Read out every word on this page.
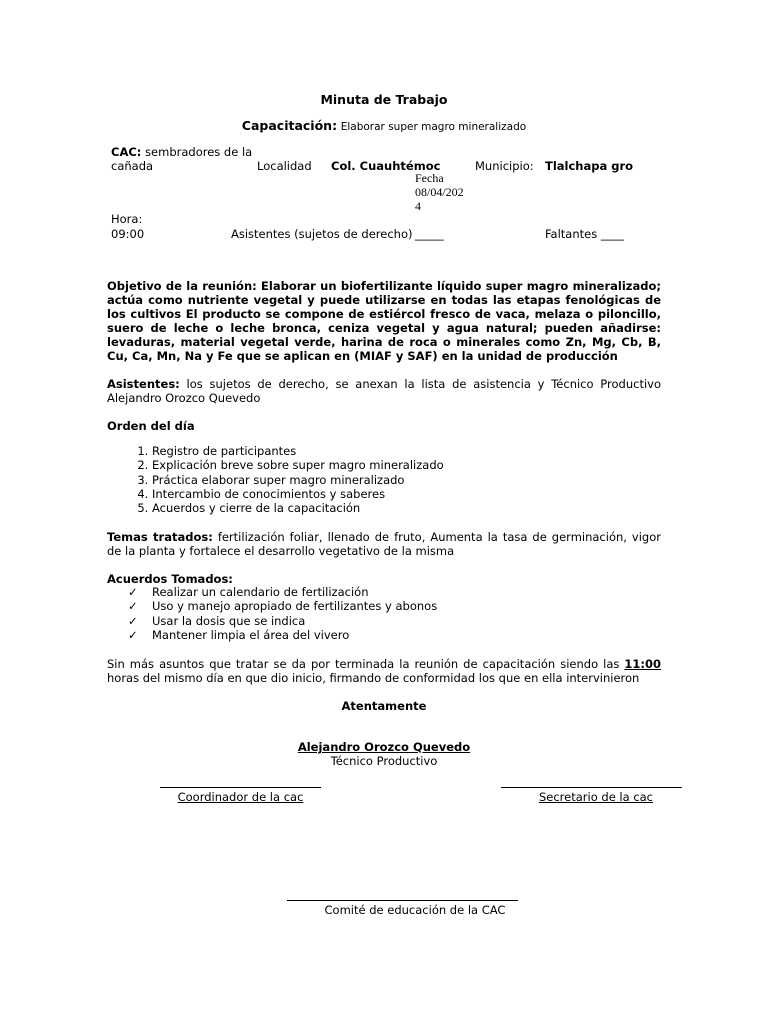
Minuta de Trabajo
Capacitación: Elaborar super magro mineralizado
CAC: sembradores de la
cañada	Localidad Col. Cuauhtémoc	Municipio: Tlalchapa gro
Fecha
08/04/202
4
Hora:
09:00	Asistentes (sujetos de derecho) _____	Faltantes ____
Objetivo de la reunión: Elaborar un biofertilizante líquido super magro mineralizado; actúa como nutriente vegetal y puede utilizarse en todas las etapas fenológicas de los cultivos El producto se compone de estiércol fresco de vaca, melaza o piloncillo, suero de leche o leche bronca, ceniza vegetal y agua natural; pueden añadirse: levaduras, material vegetal verde, harina de roca o minerales como Zn, Mg, Cb, B, Cu, Ca, Mn, Na y Fe que se aplican en (MIAF y SAF) en la unidad de producción
Asistentes: los sujetos de derecho, se anexan la lista de asistencia y Técnico Productivo Alejandro Orozco Quevedo
Orden del día
1. Registro de participantes
2. Explicación breve sobre super magro mineralizado
3. Práctica elaborar super magro mineralizado
4. Intercambio de conocimientos y saberes
5. Acuerdos y cierre de la capacitación
Temas tratados: fertilización foliar, llenado de fruto, Aumenta la tasa de germinación, vigor de la planta y fortalece el desarrollo vegetativo de la misma
Acuerdos Tomados:
✓	Realizar un calendario de fertilización
✓	Uso y manejo apropiado de fertilizantes y abonos
✓	Usar la dosis que se indica
✓	Mantener limpia el área del vivero
Sin más asuntos que tratar se da por terminada la reunión de capacitación siendo las 11:00 horas del mismo día en que dio inicio, firmando de conformidad los que en ella intervinieron
Atentamente
Alejandro Orozco Quevedo
Técnico Productivo
Coordinador de la cac	Secretario de la cac
Comité de educación de la CAC
